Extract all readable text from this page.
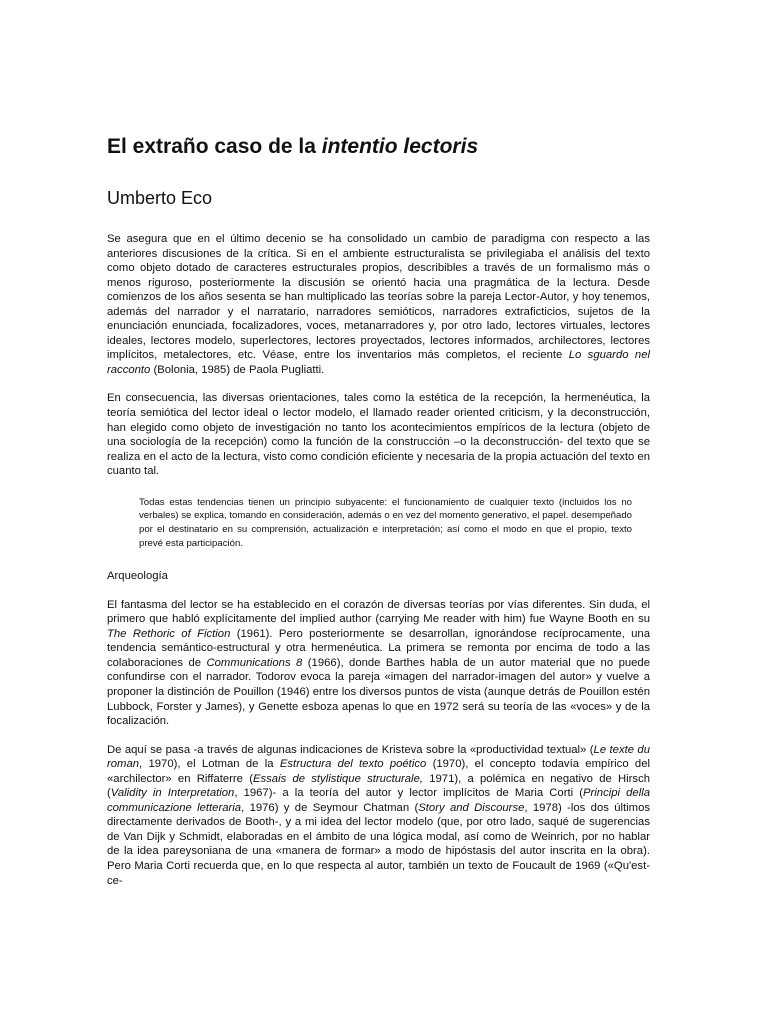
El extraño caso de la intentio lectoris
Umberto Eco

Se asegura que en el último decenio se ha consolidado un cambio de paradigma con respecto a las anteriores discusiones de la crítica. Si en el ambiente estructuralista se privilegiaba el análisis del texto como objeto dotado de caracteres estructurales propios, describibles a través de un formalismo más o menos riguroso, posteriormente la discusión se orientó hacia una pragmática de la lectura. Desde comienzos de los años sesenta se han multiplicado las teorías sobre la pareja Lector-Autor, y hoy tenemos, además del narrador y el narratario, narradores semióticos, narradores extraficticios, sujetos de la enunciación enunciada, focalizadores, voces, metanarradores y, por otro lado, lectores virtuales, lectores ideales, lectores modelo, superlectores, lectores proyectados, lectores informados, archilectores, lectores implícitos, metalectores, etc. Véase, entre los inventarios más completos, el reciente Lo sguardo nel racconto (Bolonia, 1985) de Paola Pugliatti.

En consecuencia, las diversas orientaciones, tales como la estética de la recepción, la hermenéutica, la teoría semiótica del lector ideal o lector modelo, el llamado reader oriented criticism, y la deconstrucción, han elegido como objeto de investigación no tanto los acontecimientos empíricos de la lectura (objeto de una sociología de la recepción) como la función de la construcción –o la deconstrucción- del texto que se realiza en el acto de la lectura, visto como condición eficiente y necesaria de la propia actuación del texto en cuanto tal.

Todas estas tendencias tienen un principio subyacente: el funcionamiento de cualquier texto (incluidos los no verbales) se explica, tomando en consideración, además o en vez del momento generativo, el papel. desempeñado por el destinatario en su comprensión, actualización e interpretación; así como el modo en que el propio, texto prevé esta participación.

Arqueología

El fantasma del lector se ha establecido en el corazón de diversas teorías por vías diferentes. Sin duda, el primero que habló explícitamente del implied author (carrying Me reader with him) fue Wayne Booth en su The Rethoric of Fiction (1961). Pero posteriormente se desarrollan, ignorándose recíprocamente, una tendencia semántico-estructural y otra hermenéutica. La primera se remonta por encima de todo a las colaboraciones de Communications 8 (1966), donde Barthes habla de un autor material que no puede confundirse con el narrador. Todorov evoca la pareja «imagen del narrador-imagen del autor» y vuelve a proponer la distinción de Pouillon (1946) entre los diversos puntos de vista (aunque detrás de Pouillon estén Lubbock, Forster y James), y Genette esboza apenas lo que en 1972 será su teoría de las «voces» y de la focalización.

De aquí se pasa -a través de algunas indicaciones de Kristeva sobre la «productividad textual» (Le texte du roman, 1970), el Lotman de la Estructura del texto poético (1970), el concepto todavía empírico del «archilector» en Riffaterre (Essais de stylistique structurale, 1971), a polémica en negativo de Hirsch (Validity in Interpretation, 1967)- a la teoría del autor y lector implícitos de Maria Corti (Principi della communicazione letteraria, 1976) y de Seymour Chatman (Story and Discourse, 1978) -los dos últimos directamente derivados de Booth-, y a mi idea del lector modelo (que, por otro lado, saqué de sugerencias de Van Dijk y Schmidt, elaboradas en el ámbito de una lógica modal, así como de Weinrich, por no hablar de la idea pareysoniana de una «manera de formar» a modo de hipóstasis del autor inscrita en la obra). Pero Maria Corti recuerda que, en lo que respecta al autor, también un texto de Foucault de 1969 («Qu'est-ce-
